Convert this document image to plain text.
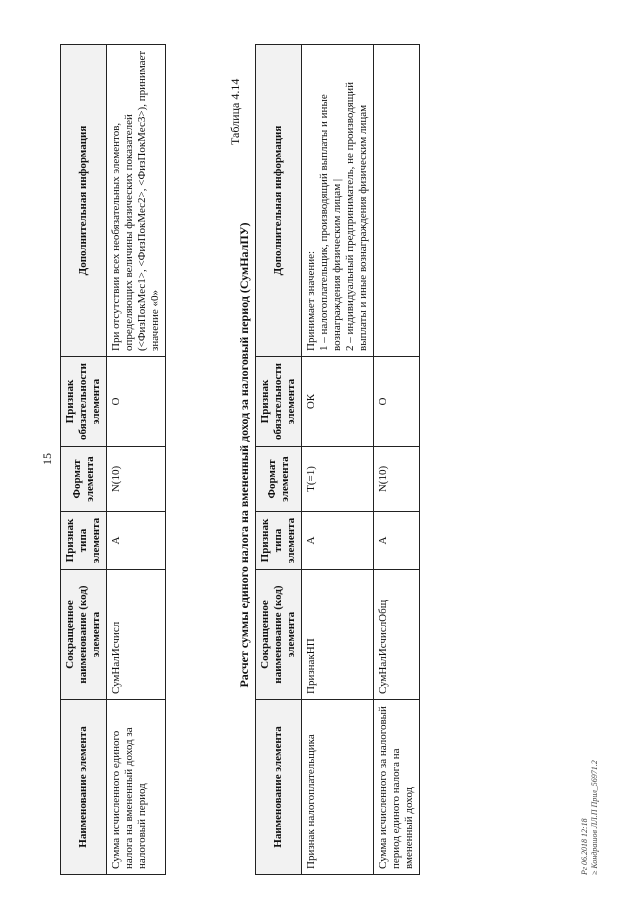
15
Наименование элемента	Сокращенное наименование (код) элемента	Признак типа элемента	Формат элемента	Признак обязательности элемента	Дополнительная информация
Сумма исчисленного единого налога на вмененный доход за налоговый период	СумНалИсчисл	А	N(10)	О	При отсутствии всех необязательных элементов, определяющих величины физических показателей (<ФизПокМес1>, <ФизПокМес2>, <ФизПокМес3>), принимает значение «0»
Таблица 4.14
Расчет суммы единого налога на вмененный доход за налоговый период (СумНалПУ)
Наименование элемента	Сокращенное наименование (код) элемента	Признак типа элемента	Формат элемента	Признак обязательности элемента	Дополнительная информация
Признак налогоплательщика	ПризнакНП	А	T(=1)	ОК	Принимает значение: 1 – налогоплательщик, производящий выплаты и иные вознаграждения физическим лицам | 2 – индивидуальный предприниматель, не производящий выплаты и иные вознаграждения физическим лицам

Сумма исчисленного за налоговый период единого налога на вмененный доход	СумНалИсчислОбщ	А	N(10)	О	
Рг 06.2018 12:18 ≥ Кондрашов ЛЛ.П Прил_56971.2
